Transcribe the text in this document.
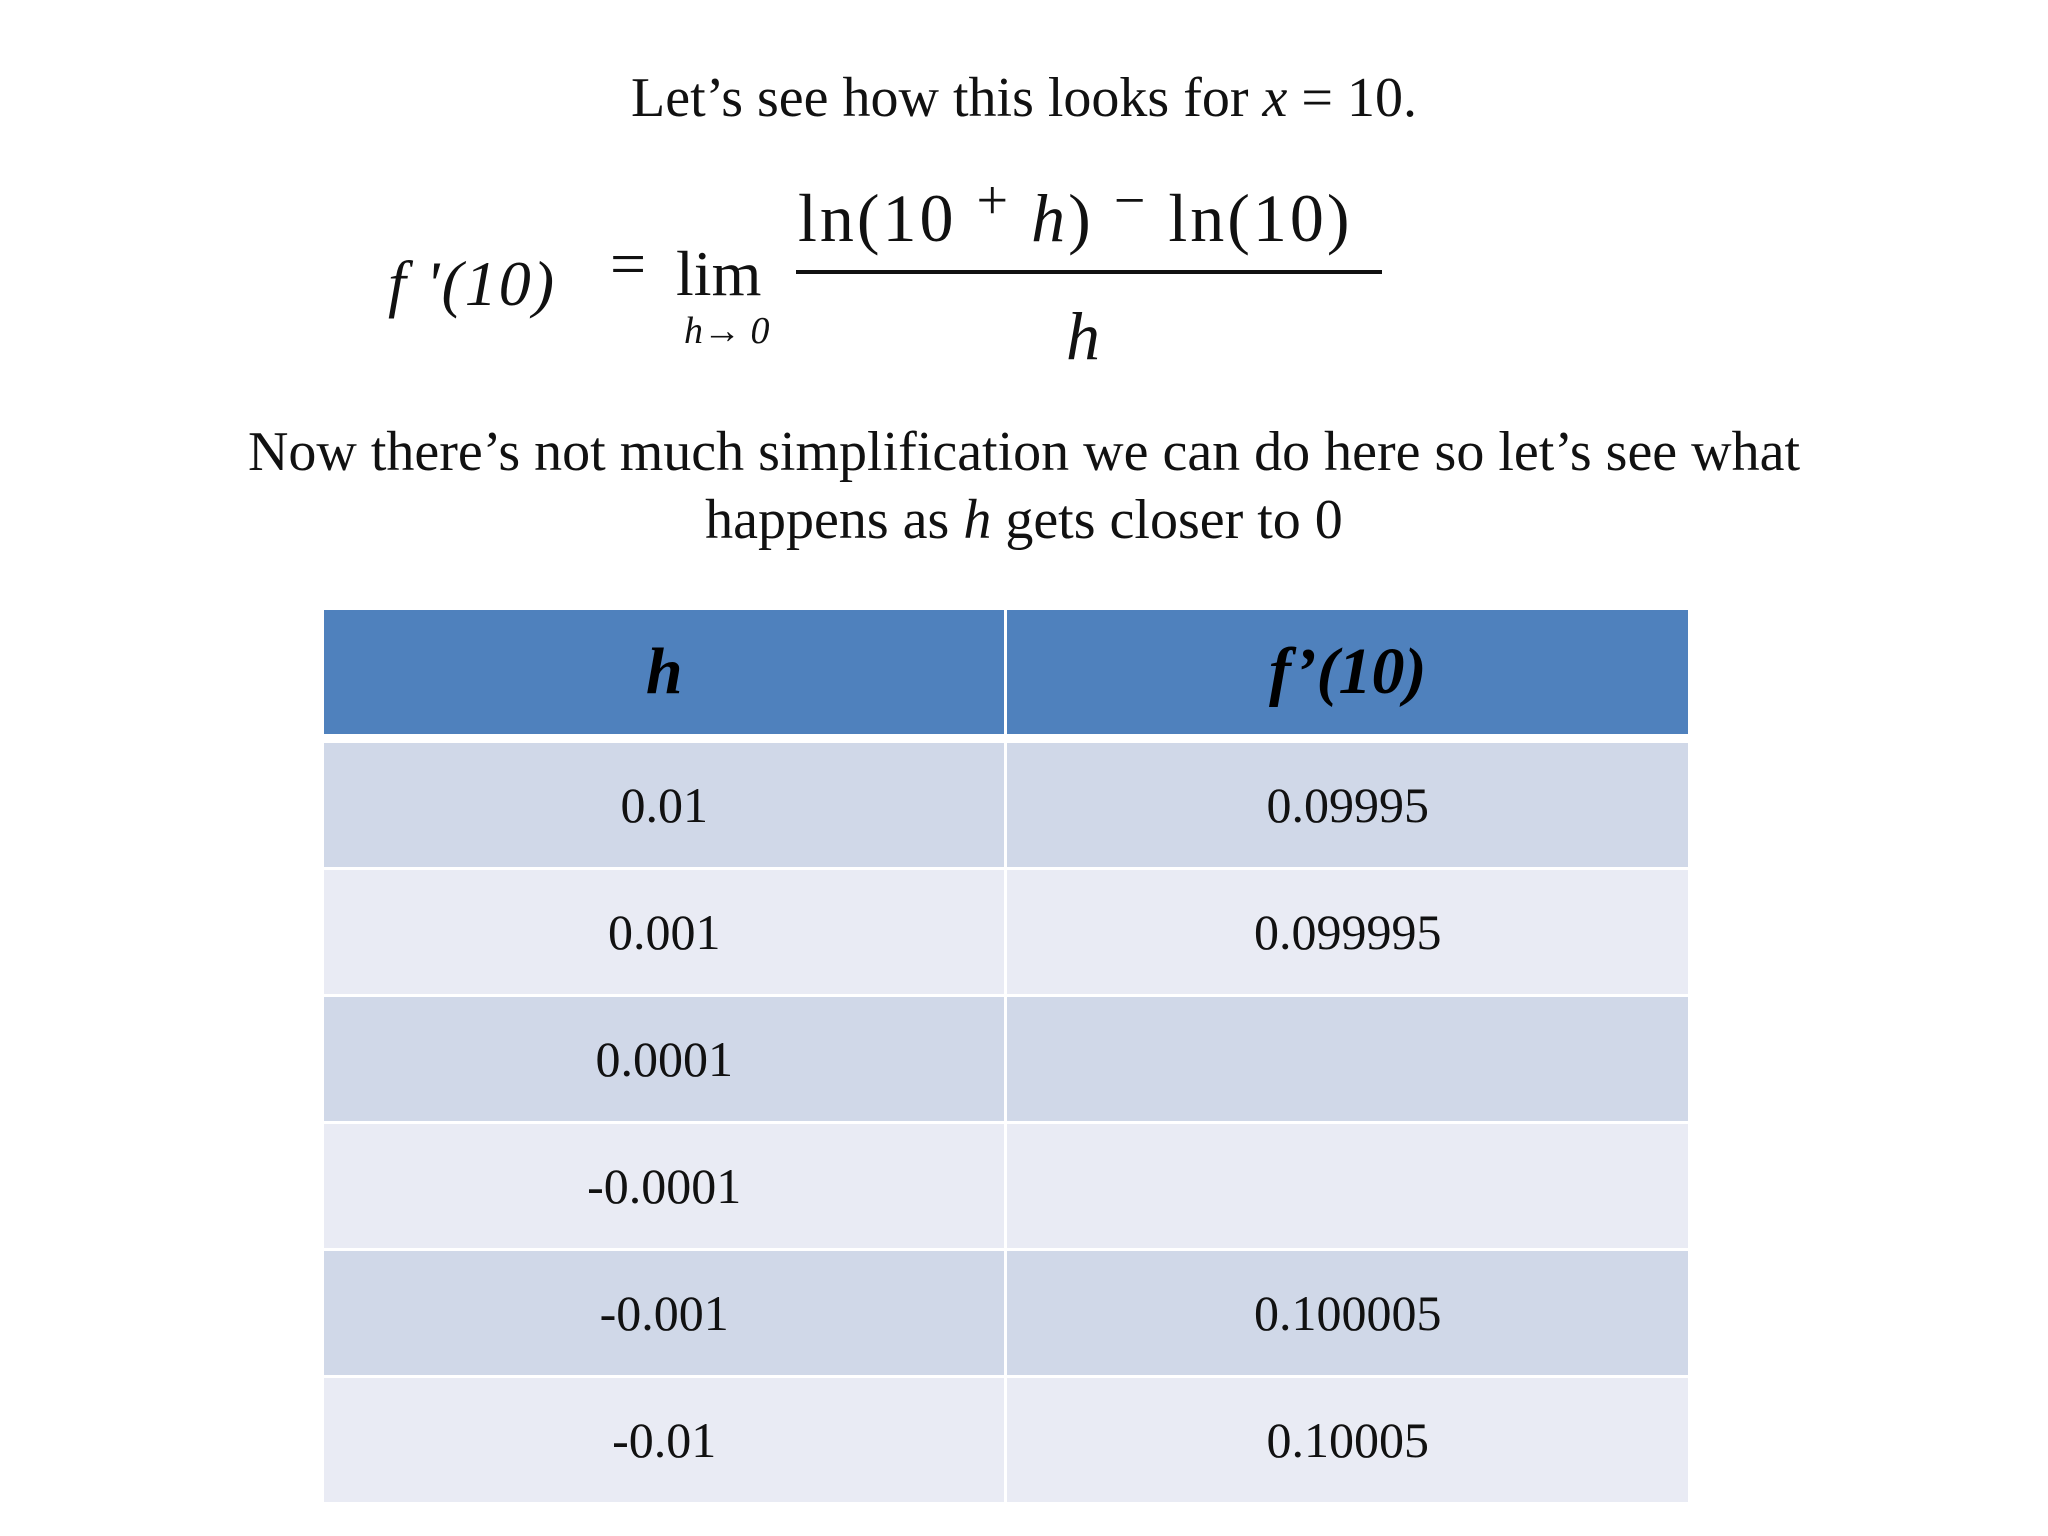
Let’s see how this looks for x = 10.
f '(10) = lim
h→ 0
ln(10 + h) − ln(10)
h
Now there’s not much simplification we can do here so let’s see what
happens as h gets closer to 0
h	f’(10)
0.01	0.09995
0.001	0.099995
0.0001	
-0.0001	
-0.001	0.100005
-0.01	0.10005
